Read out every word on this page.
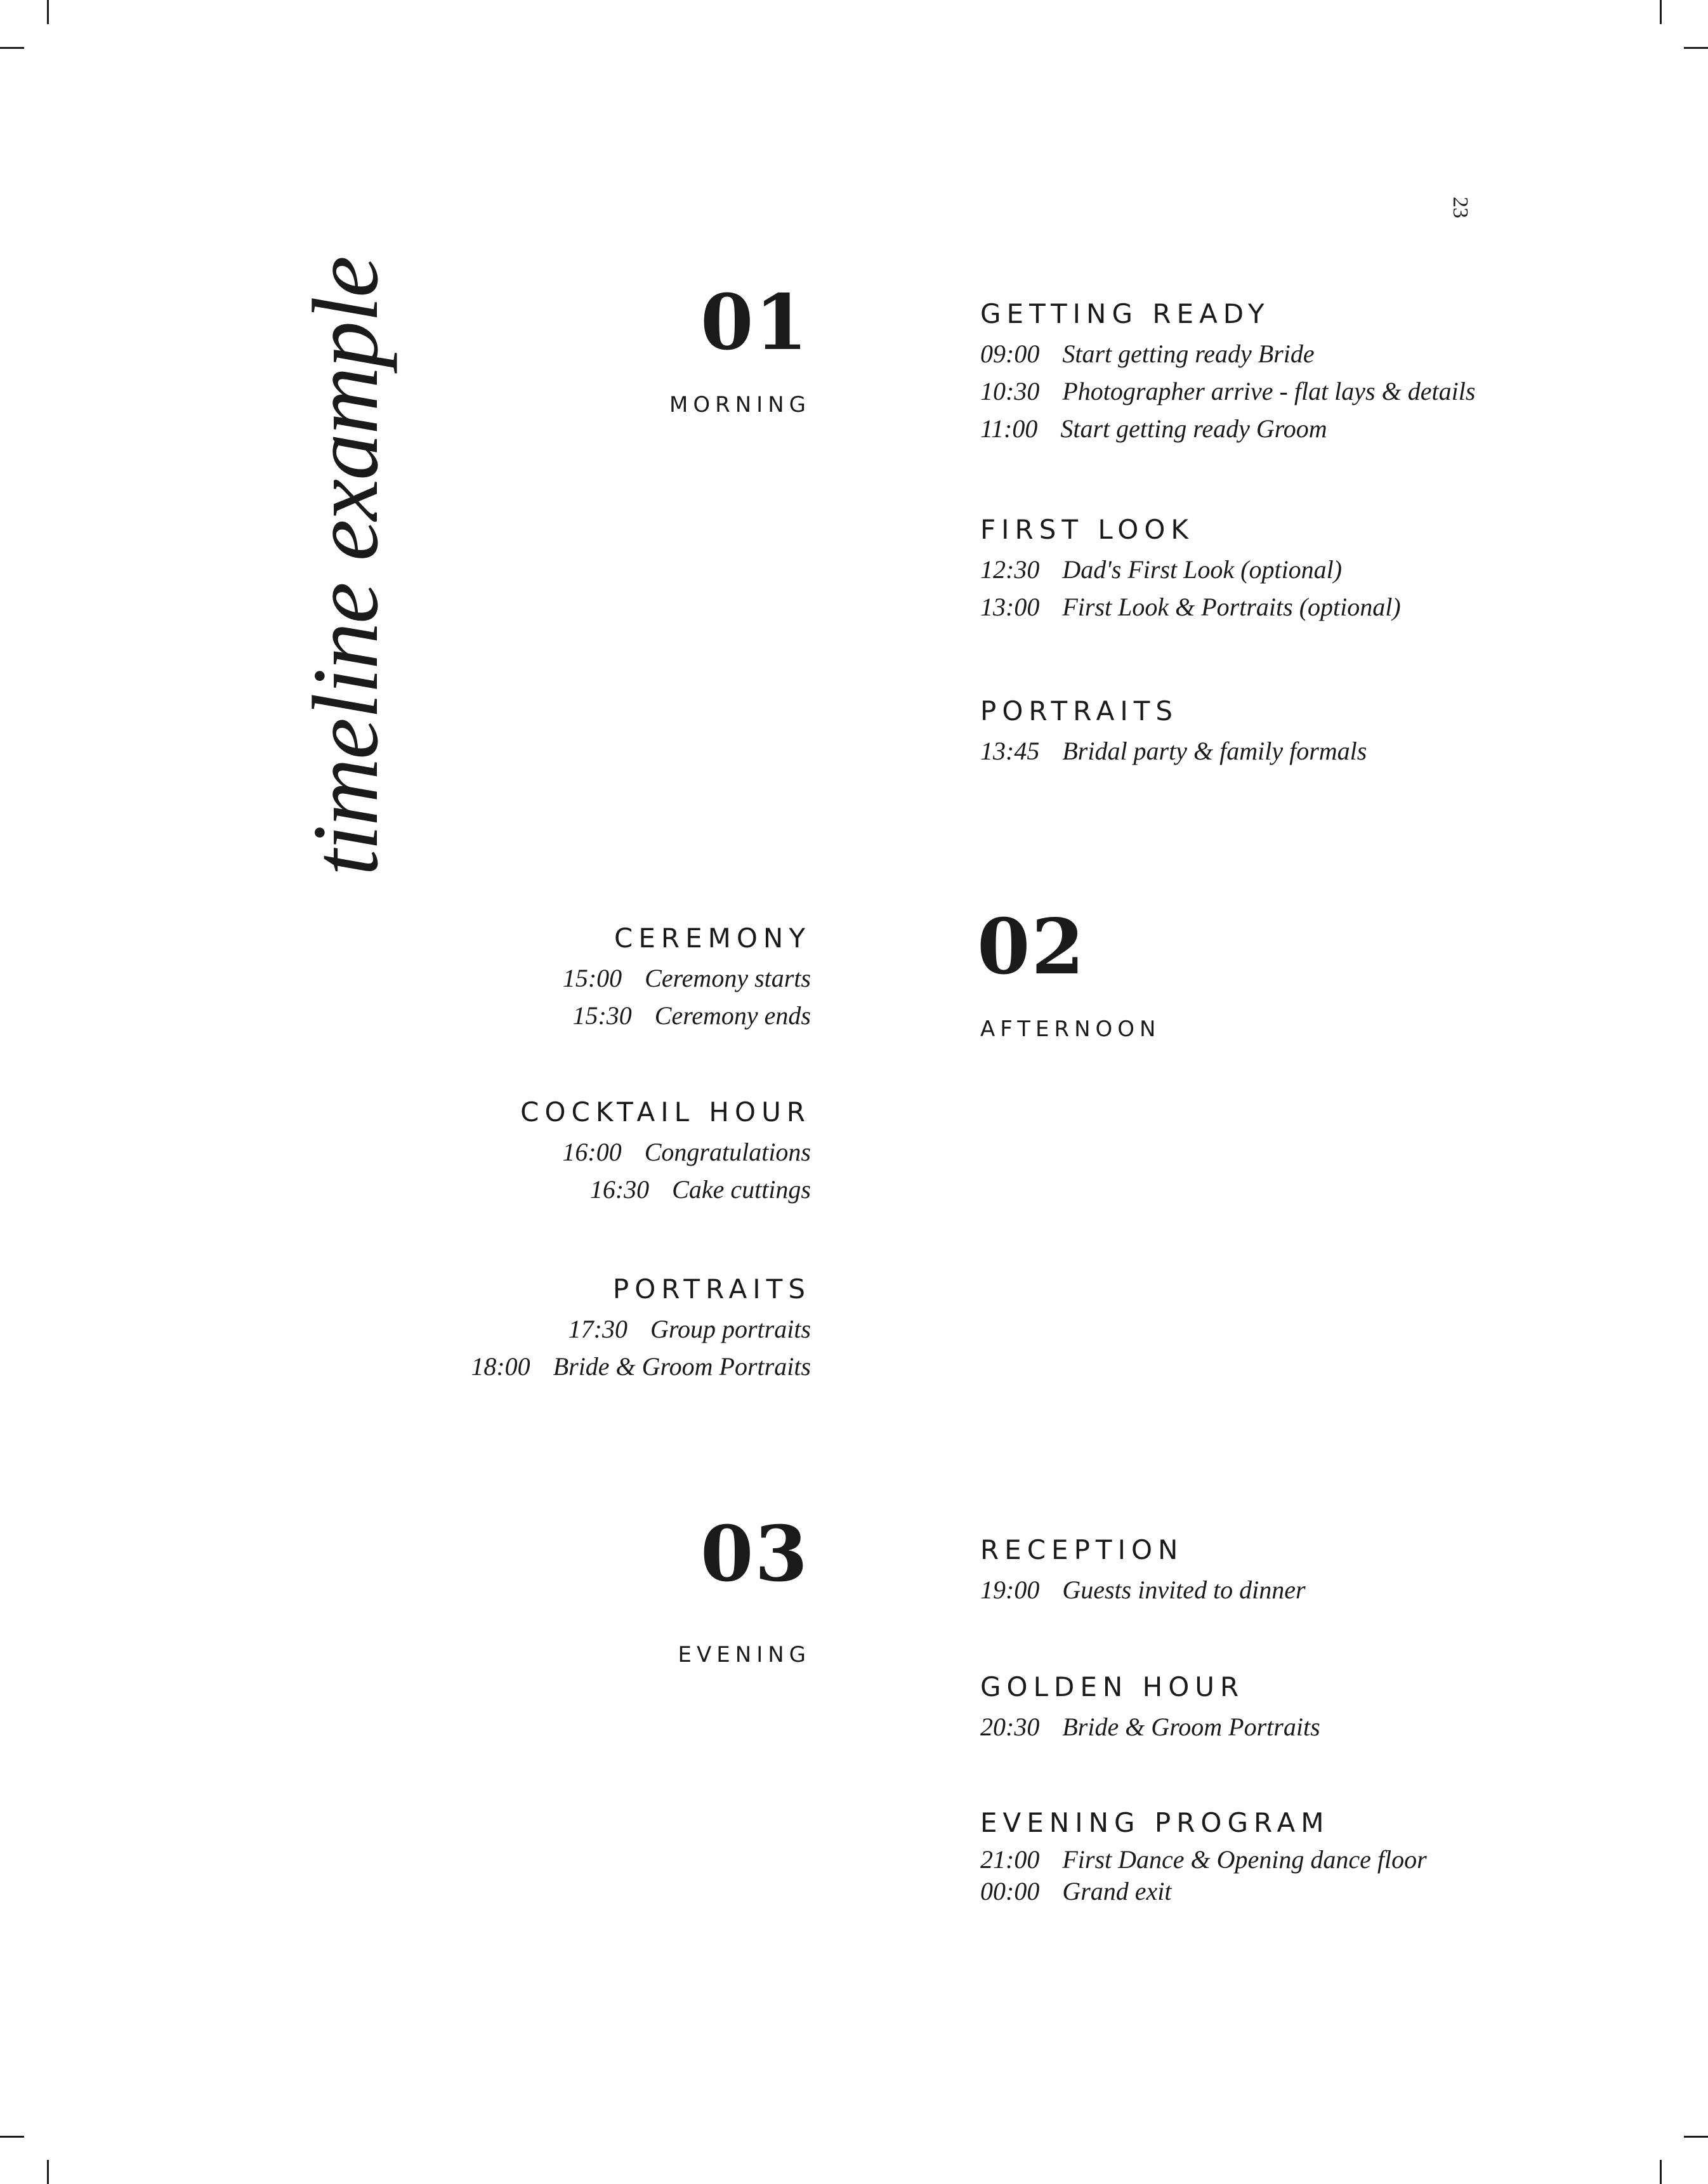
23
timeline example	01
MORNING
GETTING READY
09:00 Start getting ready Bride
10:30 Photographer arrive - flat lays & details
11:00 Start getting ready Groom
FIRST LOOK
12:30 Dad's First Look (optional)
13:00 First Look & Portraits (optional)
PORTRAITS
13:45 Bridal party & family formals
CEREMONY
15:00 Ceremony starts
15:30 Ceremony ends
COCKTAIL HOUR
16:00 Congratulations
16:30 Cake cuttings
PORTRAITS
17:30 Group portraits
18:00 Bride & Groom Portraits
02
AFTERNOON
03
EVENING
RECEPTION
19:00 Guests invited to dinner
GOLDEN HOUR
20:30 Bride & Groom Portraits
EVENING PROGRAM
21:00 First Dance & Opening dance floor
00:00 Grand exit
